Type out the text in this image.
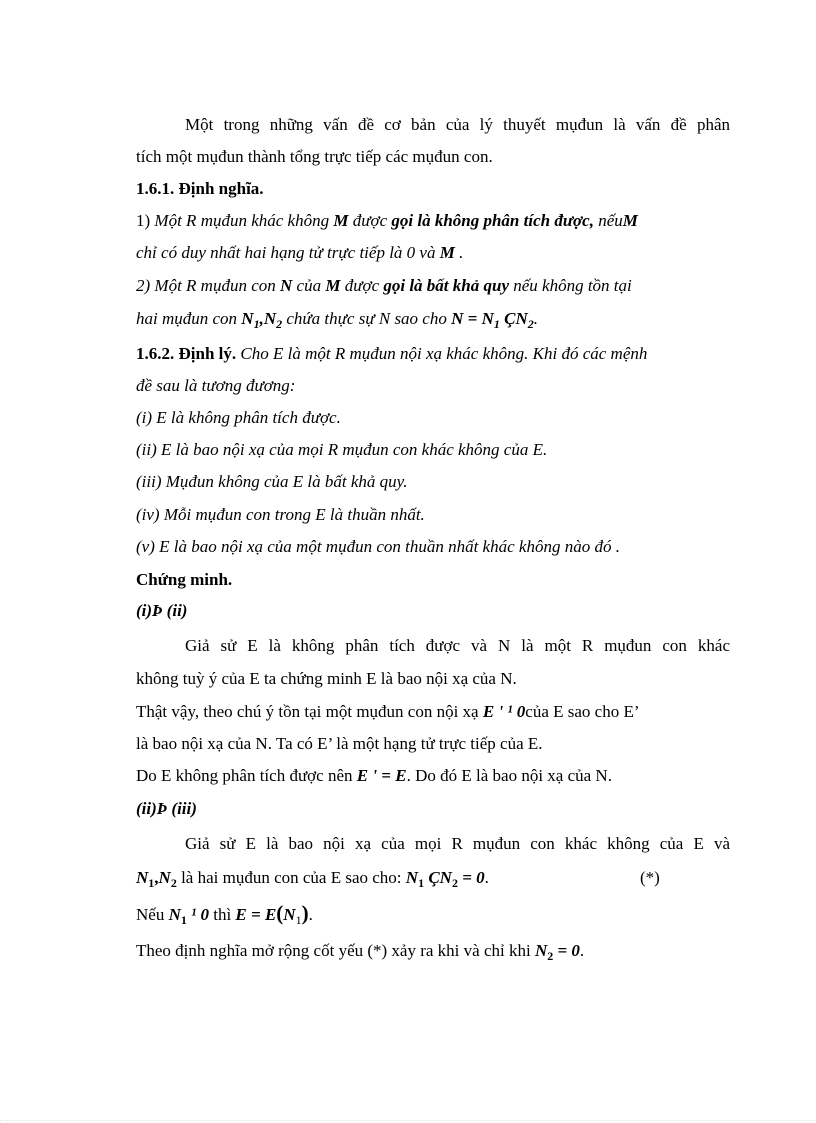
Một trong những vấn đề cơ bản của lý thuyết mụđun là vấn đề phân
tích một mụđun thành tổng trực tiếp các mụđun con.
1.6.1. Định nghĩa.
1) Một R mụđun khác không M được gọi là không phân tích được, nếuM
chỉ có duy nhất hai hạng tử trực tiếp là 0 và M .
2) Một R mụđun con N của M được gọi là bất khả quy nếu không tồn tại
hai mụđun con $N_1,N_2$ chứa thực sự N sao cho $N = N_1$ $ÇN_2$.
1.6.2. Định lý. Cho E là một R mụđun nội xạ khác không. Khi đó các mệnh
đề sau là tương đương:
(i) E là không phân tích được.
(ii) E là bao nội xạ của mọi R mụđun con khác không của E.
(iii) Mụđun không của E là bất khả quy.
(iv) Mỗi mụđun con trong E là thuần nhất.
(v) E là bao nội xạ của một mụđun con thuần nhất khác không nào đó .
Chứng minh.
(i)Þ (ii)
Giả sử E là không phân tích được và N là một R mụđun con khác
không tuỳ ý của E ta chứng minh E là bao nội xạ của N.
Thật vậy, theo chú ý tồn tại một mụđun con nội xạ E ' ¹ 0của E sao cho E’
là bao nội xạ của N. Ta có E’ là một hạng tử trực tiếp của E.
Do E không phân tích được nên E ' = E. Do đó E là bao nội xạ của N.
(ii)Þ (iii)
Giả sử E là bao nội xạ của mọi R mụđun con khác không của E và
$N_1,N_2$ là hai mụđun con của E sao cho: $N_1$ $ÇN_2 = 0$.	(*)
Nếu $N_1$ ¹ 0 thì $E = E(N_1)$.
Theo định nghĩa mở rộng cốt yếu (*) xảy ra khi và chỉ khi $N_2 = 0$.
